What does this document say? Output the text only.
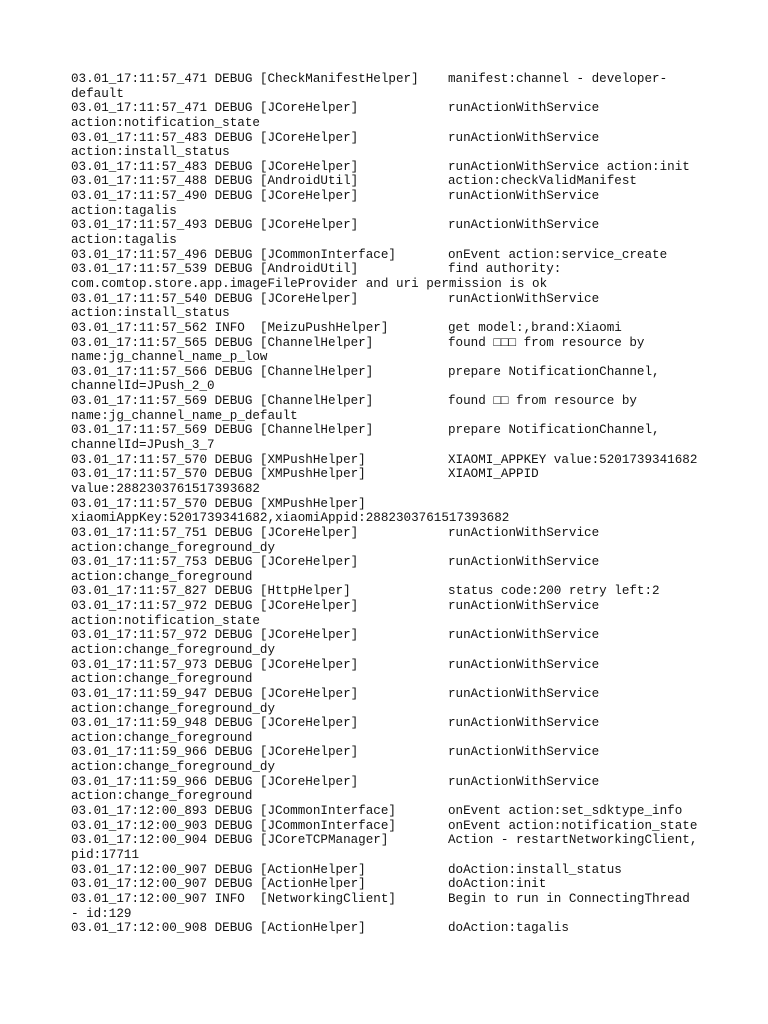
03.01_17:11:57_471 DEBUG [CheckManifestHelper] manifest:channel - developer-
default
03.01_17:11:57_471 DEBUG [JCoreHelper]	runActionWithService
action:notification_state
03.01_17:11:57_483 DEBUG [JCoreHelper]	runActionWithService
action:install_status
03.01_17:11:57_483 DEBUG [JCoreHelper]	runActionWithService action:init
03.01_17:11:57_488 DEBUG [AndroidUtil]	action:checkValidManifest
03.01_17:11:57_490 DEBUG [JCoreHelper]	runActionWithService
action:tagalis
03.01_17:11:57_493 DEBUG [JCoreHelper]	runActionWithService
action:tagalis
03.01_17:11:57_496 DEBUG [JCommonInterface]	onEvent action:service_create
03.01_17:11:57_539 DEBUG [AndroidUtil]	find authority:
com.comtop.store.app.imageFileProvider and uri permission is ok
03.01_17:11:57_540 DEBUG [JCoreHelper]	runActionWithService
action:install_status
03.01_17:11:57_562 INFO  [MeizuPushHelper]	get model:,brand:Xiaomi
03.01_17:11:57_565 DEBUG [ChannelHelper]	found □□□ from resource by
name:jg_channel_name_p_low
03.01_17:11:57_566 DEBUG [ChannelHelper]	prepare NotificationChannel,
channelId=JPush_2_0
03.01_17:11:57_569 DEBUG [ChannelHelper]	found □□ from resource by
name:jg_channel_name_p_default
03.01_17:11:57_569 DEBUG [ChannelHelper]	prepare NotificationChannel,
channelId=JPush_3_7
03.01_17:11:57_570 DEBUG [XMPushHelper]	XIAOMI_APPKEY value:5201739341682
03.01_17:11:57_570 DEBUG [XMPushHelper]	XIAOMI_APPID
value:2882303761517393682
03.01_17:11:57_570 DEBUG [XMPushHelper]
xiaomiAppKey:5201739341682,xiaomiAppid:2882303761517393682
03.01_17:11:57_751 DEBUG [JCoreHelper]	runActionWithService
action:change_foreground_dy
03.01_17:11:57_753 DEBUG [JCoreHelper]	runActionWithService
action:change_foreground
03.01_17:11:57_827 DEBUG [HttpHelper]	status code:200 retry left:2
03.01_17:11:57_972 DEBUG [JCoreHelper]	runActionWithService
action:notification_state
03.01_17:11:57_972 DEBUG [JCoreHelper]	runActionWithService
action:change_foreground_dy
03.01_17:11:57_973 DEBUG [JCoreHelper]	runActionWithService
action:change_foreground
03.01_17:11:59_947 DEBUG [JCoreHelper]	runActionWithService
action:change_foreground_dy
03.01_17:11:59_948 DEBUG [JCoreHelper]	runActionWithService
action:change_foreground
03.01_17:11:59_966 DEBUG [JCoreHelper]	runActionWithService
action:change_foreground_dy
03.01_17:11:59_966 DEBUG [JCoreHelper]	runActionWithService
action:change_foreground
03.01_17:12:00_893 DEBUG [JCommonInterface]	onEvent action:set_sdktype_info
03.01_17:12:00_903 DEBUG [JCommonInterface]	onEvent action:notification_state
03.01_17:12:00_904 DEBUG [JCoreTCPManager]	Action - restartNetworkingClient,
pid:17711
03.01_17:12:00_907 DEBUG [ActionHelper]	doAction:install_status
03.01_17:12:00_907 DEBUG [ActionHelper]	doAction:init
03.01_17:12:00_907 INFO  [NetworkingClient]	Begin to run in ConnectingThread
- id:129
03.01_17:12:00_908 DEBUG [ActionHelper]	doAction:tagalis
